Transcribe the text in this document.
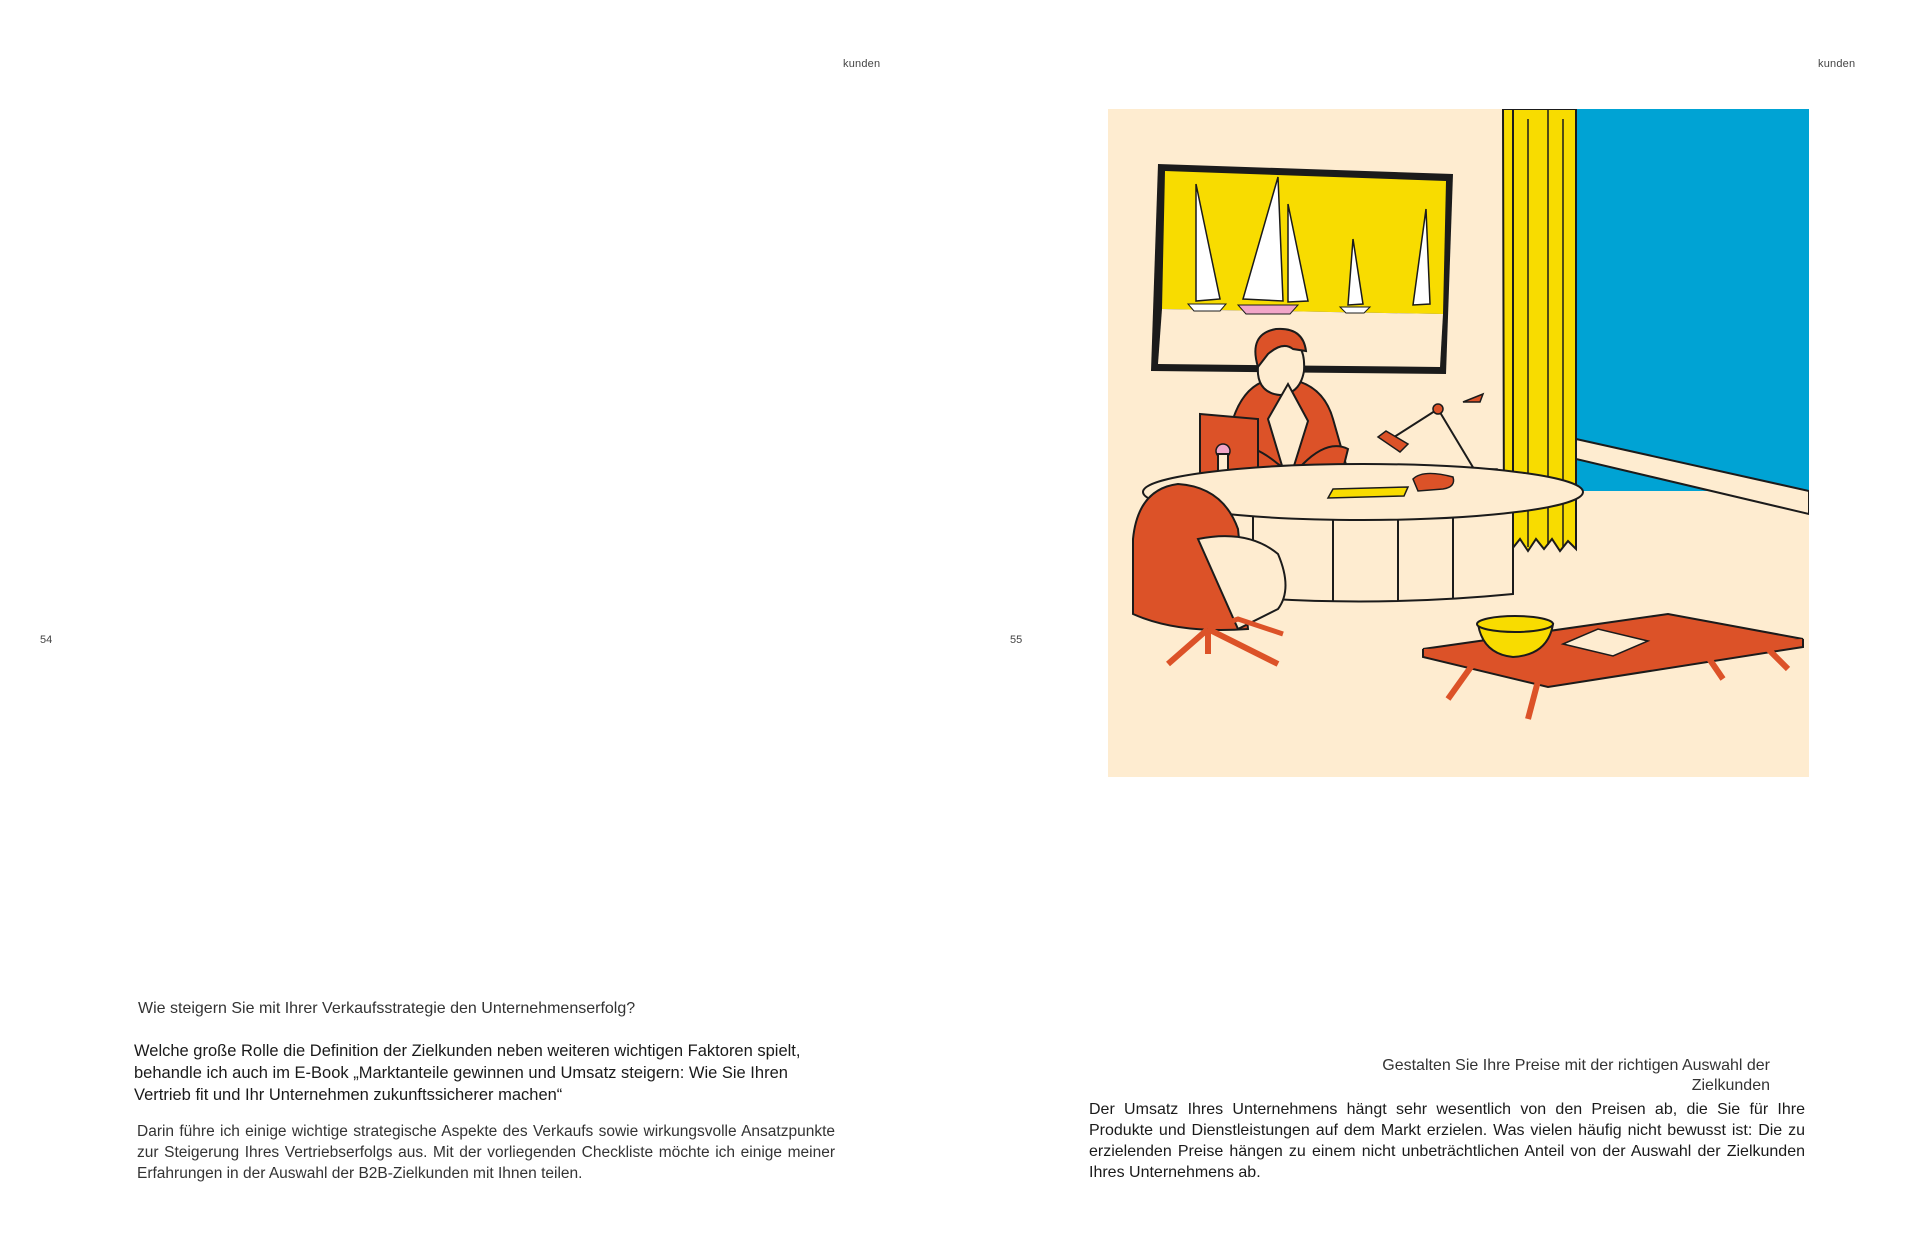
kunden
54
Wie steigern Sie mit Ihrer Verkaufsstrategie den Unternehmenserfolg?

Welche große Rolle die Definition der Zielkunden neben weiteren wichtigen Faktoren spielt, behandle ich auch im E-Book „Marktanteile gewinnen und Umsatz steigern: Wie Sie Ihren Vertrieb fit und Ihr Unternehmen zukunftssicherer machen“

Darin führe ich einige wichtige strategische Aspekte des Verkaufs sowie wirkungsvolle Ansatzpunkte zur Steigerung Ihres Vertriebserfolgs aus. Mit der vorliegenden Checkliste möchte ich einige meiner Erfahrungen in der Auswahl der B2B-Zielkunden mit Ihnen teilen.

kunden
55
Gestalten Sie Ihre Preise mit der richtigen Auswahl der Zielkunden

Der Umsatz Ihres Unternehmens hängt sehr wesentlich von den Preisen ab, die Sie für Ihre Produkte und Dienstleistungen auf dem Markt erzielen. Was vielen häufig nicht bewusst ist: Die zu erzielenden Preise hängen zu einem nicht unbeträchtlichen Anteil von der Auswahl der Zielkunden Ihres Unternehmens ab.
